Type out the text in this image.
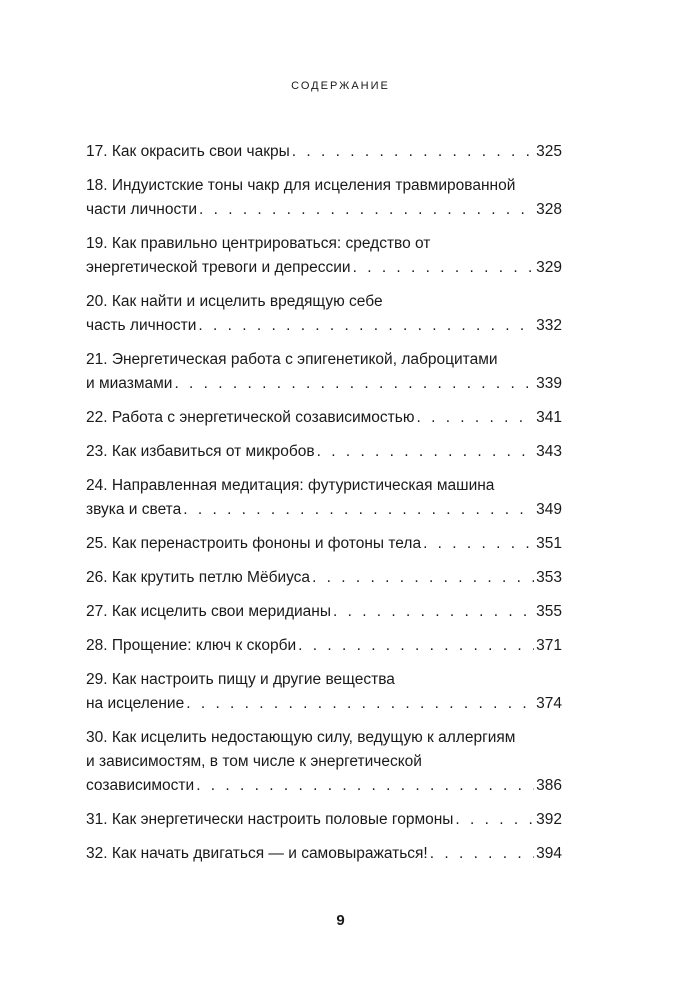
СОДЕРЖАНИЕ
17. Как окрасить свои чакры . . .	325
18. Индуистские тоны чакр для исцеления травмированной
части личности . . .	328
19. Как правильно центрироваться: средство от
энергетической тревоги и депрессии . . .	329
20. Как найти и исцелить вредящую себе
часть личности . . .	332
21. Энергетическая работа с эпигенетикой, лаброцитами
и миазмами . . .	339
22. Работа с энергетической созависимостью . . .	341
23. Как избавиться от микробов . . .	343
24. Направленная медитация: футуристическая машина
звука и света . . .	349
25. Как перенастроить фононы и фотоны тела . . .	351
26. Как крутить петлю Мёбиуса . . .	353
27. Как исцелить свои меридианы . . .	355
28. Прощение: ключ к скорби . . .	371
29. Как настроить пищу и другие вещества
на исцеление . . .	374
30. Как исцелить недостающую силу, ведущую к аллергиям
и зависимостям, в том числе к энергетической
созависимости . . .	386
31. Как энергетически настроить половые гормоны . . .	392
32. Как начать двигаться — и самовыражаться! . . .	394
9
